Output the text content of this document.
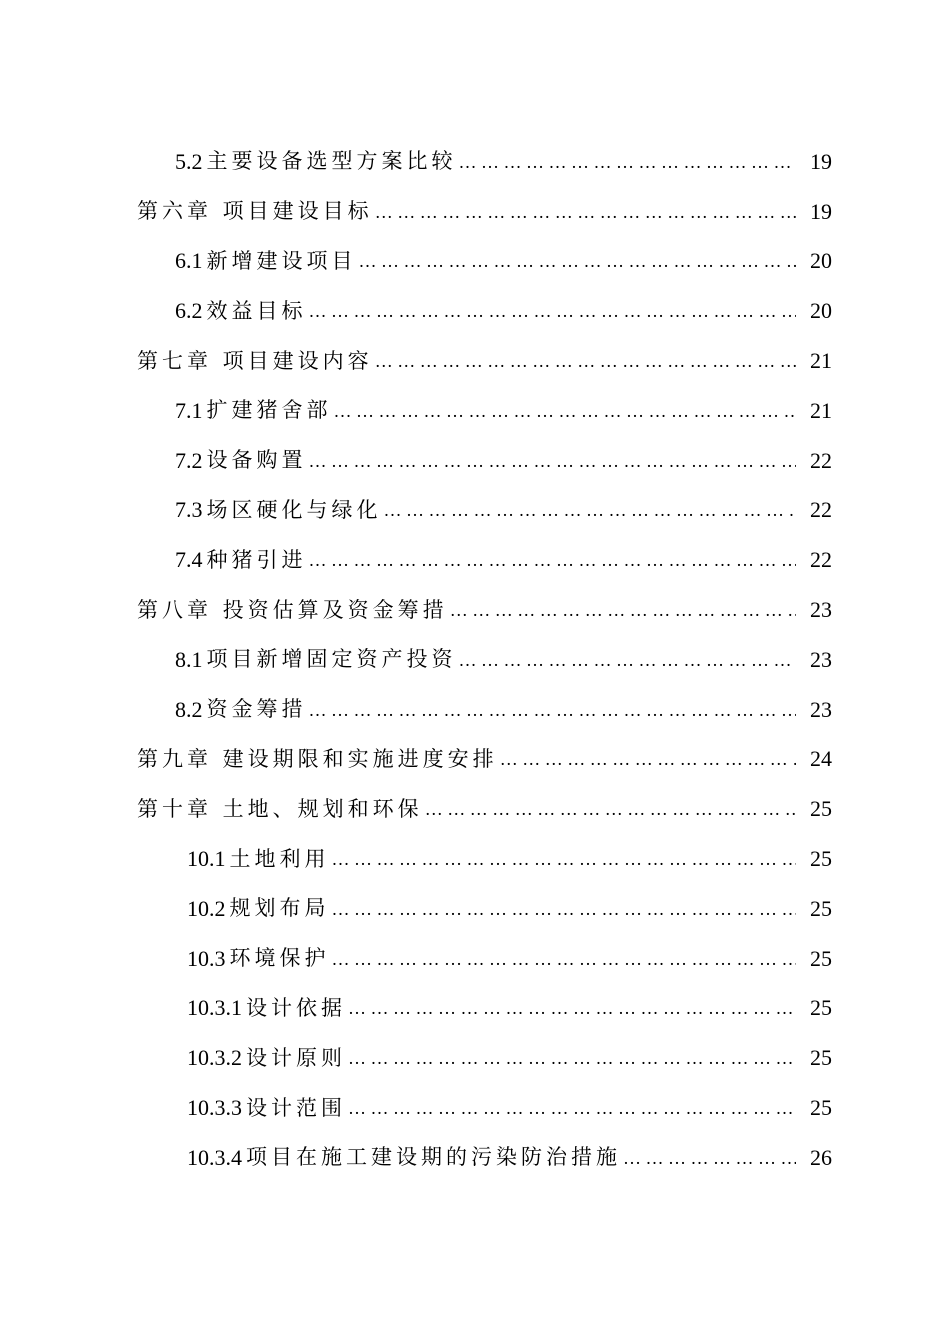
5.2 主要设备选型方案比较 … … … … … … … … … … … … … … … … … … … … … … … … … … … … … … … … … … … … … … … … … … … …	19
第六章 项目建设目标 … … … … … … … … … … … … … … … … … … … … … … … … … … … … … … … … … … … … … … … … … … … …	19
6.1 新增建设项目 … … … … … … … … … … … … … … … … … … … … … … … … … … … … … … … … … … … … … … … … … … … …	20
6.2 效益目标 … … … … … … … … … … … … … … … … … … … … … … … … … … … … … … … … … … … … … … … … … … … …	20
第七章 项目建设内容 … … … … … … … … … … … … … … … … … … … … … … … … … … … … … … … … … … … … … … … … … … … …	21
7.1 扩建猪舍部 … … … … … … … … … … … … … … … … … … … … … … … … … … … … … … … … … … … … … … … … … … … …	21
7.2 设备购置 … … … … … … … … … … … … … … … … … … … … … … … … … … … … … … … … … … … … … … … … … … … …	22
7.3 场区硬化与绿化 … … … … … … … … … … … … … … … … … … … … … … … … … … … … … … … … … … … … … … … … … … … …	22
7.4 种猪引进 … … … … … … … … … … … … … … … … … … … … … … … … … … … … … … … … … … … … … … … … … … … …	22
第八章 投资估算及资金筹措 … … … … … … … … … … … … … … … … … … … … … … … … … … … … … … … … … … … … … … … … … … … …	23
8.1 项目新增固定资产投资 … … … … … … … … … … … … … … … … … … … … … … … … … … … … … … … … … … … … … … … … … … … …	23
8.2 资金筹措 … … … … … … … … … … … … … … … … … … … … … … … … … … … … … … … … … … … … … … … … … … … …	23
第九章 建设期限和实施进度安排 … … … … … … … … … … … … … … … … … … … … … … … … … … … … … … … … … … … … … … … … … … … …	24
第十章 土地、规划和环保 … … … … … … … … … … … … … … … … … … … … … … … … … … … … … … … … … … … … … … … … … … … …	25
10.1 土地利用 … … … … … … … … … … … … … … … … … … … … … … … … … … … … … … … … … … … … … … … … … … … …	25
10.2 规划布局 … … … … … … … … … … … … … … … … … … … … … … … … … … … … … … … … … … … … … … … … … … … …	25
10.3 环境保护 … … … … … … … … … … … … … … … … … … … … … … … … … … … … … … … … … … … … … … … … … … … …	25
10.3.1 设计依据 … … … … … … … … … … … … … … … … … … … … … … … … … … … … … … … … … … … … … … … … … … … …	25
10.3.2 设计原则 … … … … … … … … … … … … … … … … … … … … … … … … … … … … … … … … … … … … … … … … … … … …	25
10.3.3 设计范围 … … … … … … … … … … … … … … … … … … … … … … … … … … … … … … … … … … … … … … … … … … … …	25
10.3.4 项目在施工建设期的污染防治措施 … … … … … … … … … … … … … … … … … … … … … … … … … … … … … … … … … … … … … … … … … … … …	26
